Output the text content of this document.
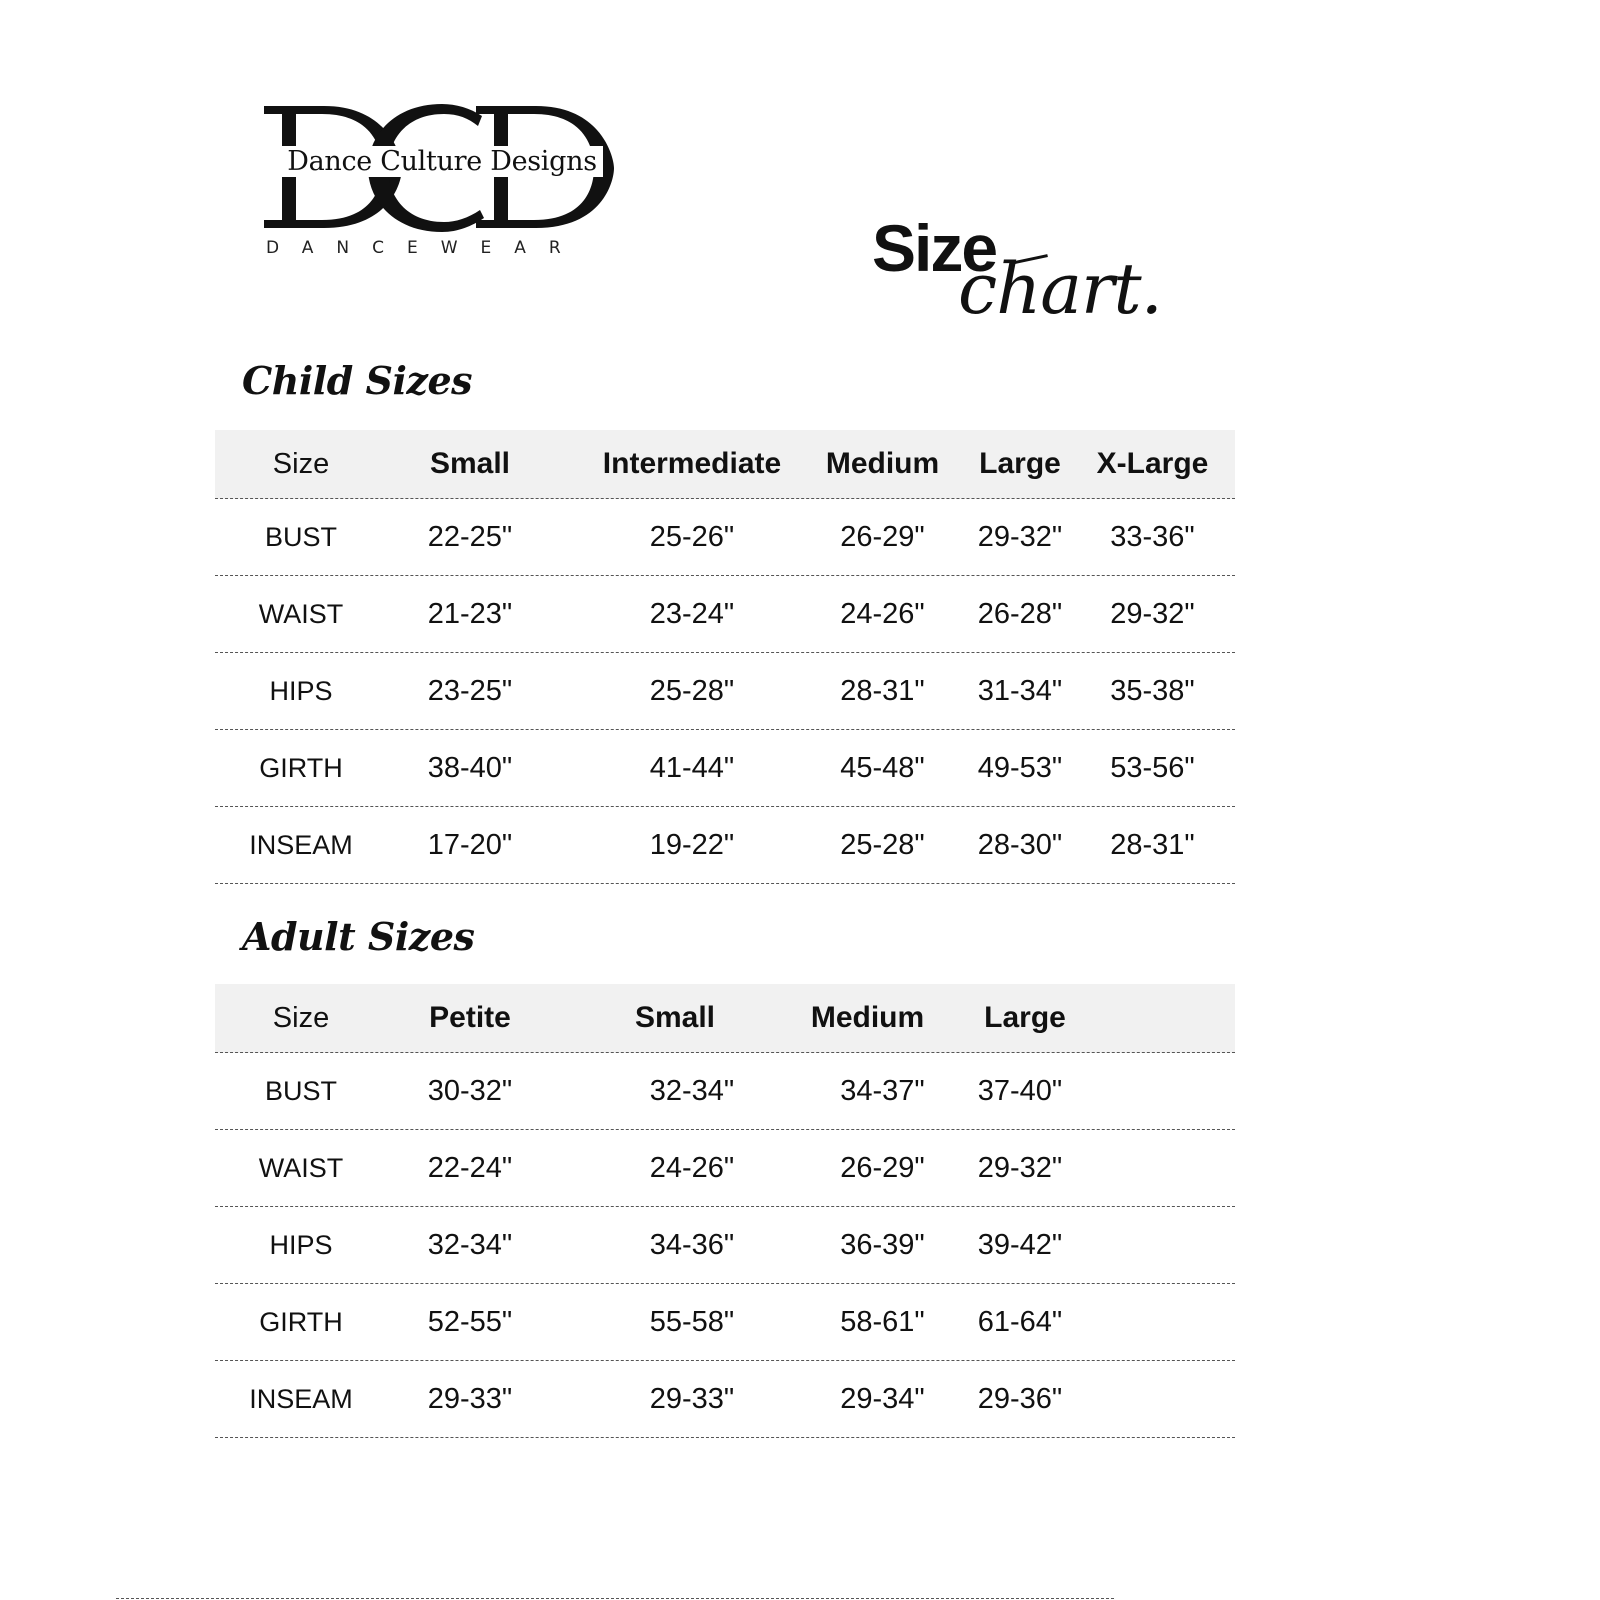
Dance Culture Designs
DANCEWEAR	Size
chart.
Child Sizes
Size	Small	Intermediate	Medium	Large	X-Large
BUST	22-25"	25-26"	26-29"	29-32"	33-36"
WAIST	21-23"	23-24"	24-26"	26-28"	29-32"
HIPS	23-25"	25-28"	28-31"	31-34"	35-38"
GIRTH	38-40"	41-44"	45-48"	49-53"	53-56"
INSEAM	17-20"	19-22"	25-28"	28-30"	28-31"
Adult Sizes
Size	Petite	Small	Medium	Large
BUST	30-32"	32-34"	34-37"	37-40"
WAIST	22-24"	24-26"	26-29"	29-32"
HIPS	32-34"	34-36"	36-39"	39-42"
GIRTH	52-55"	55-58"	58-61"	61-64"
INSEAM	29-33"	29-33"	29-34"	29-36"
